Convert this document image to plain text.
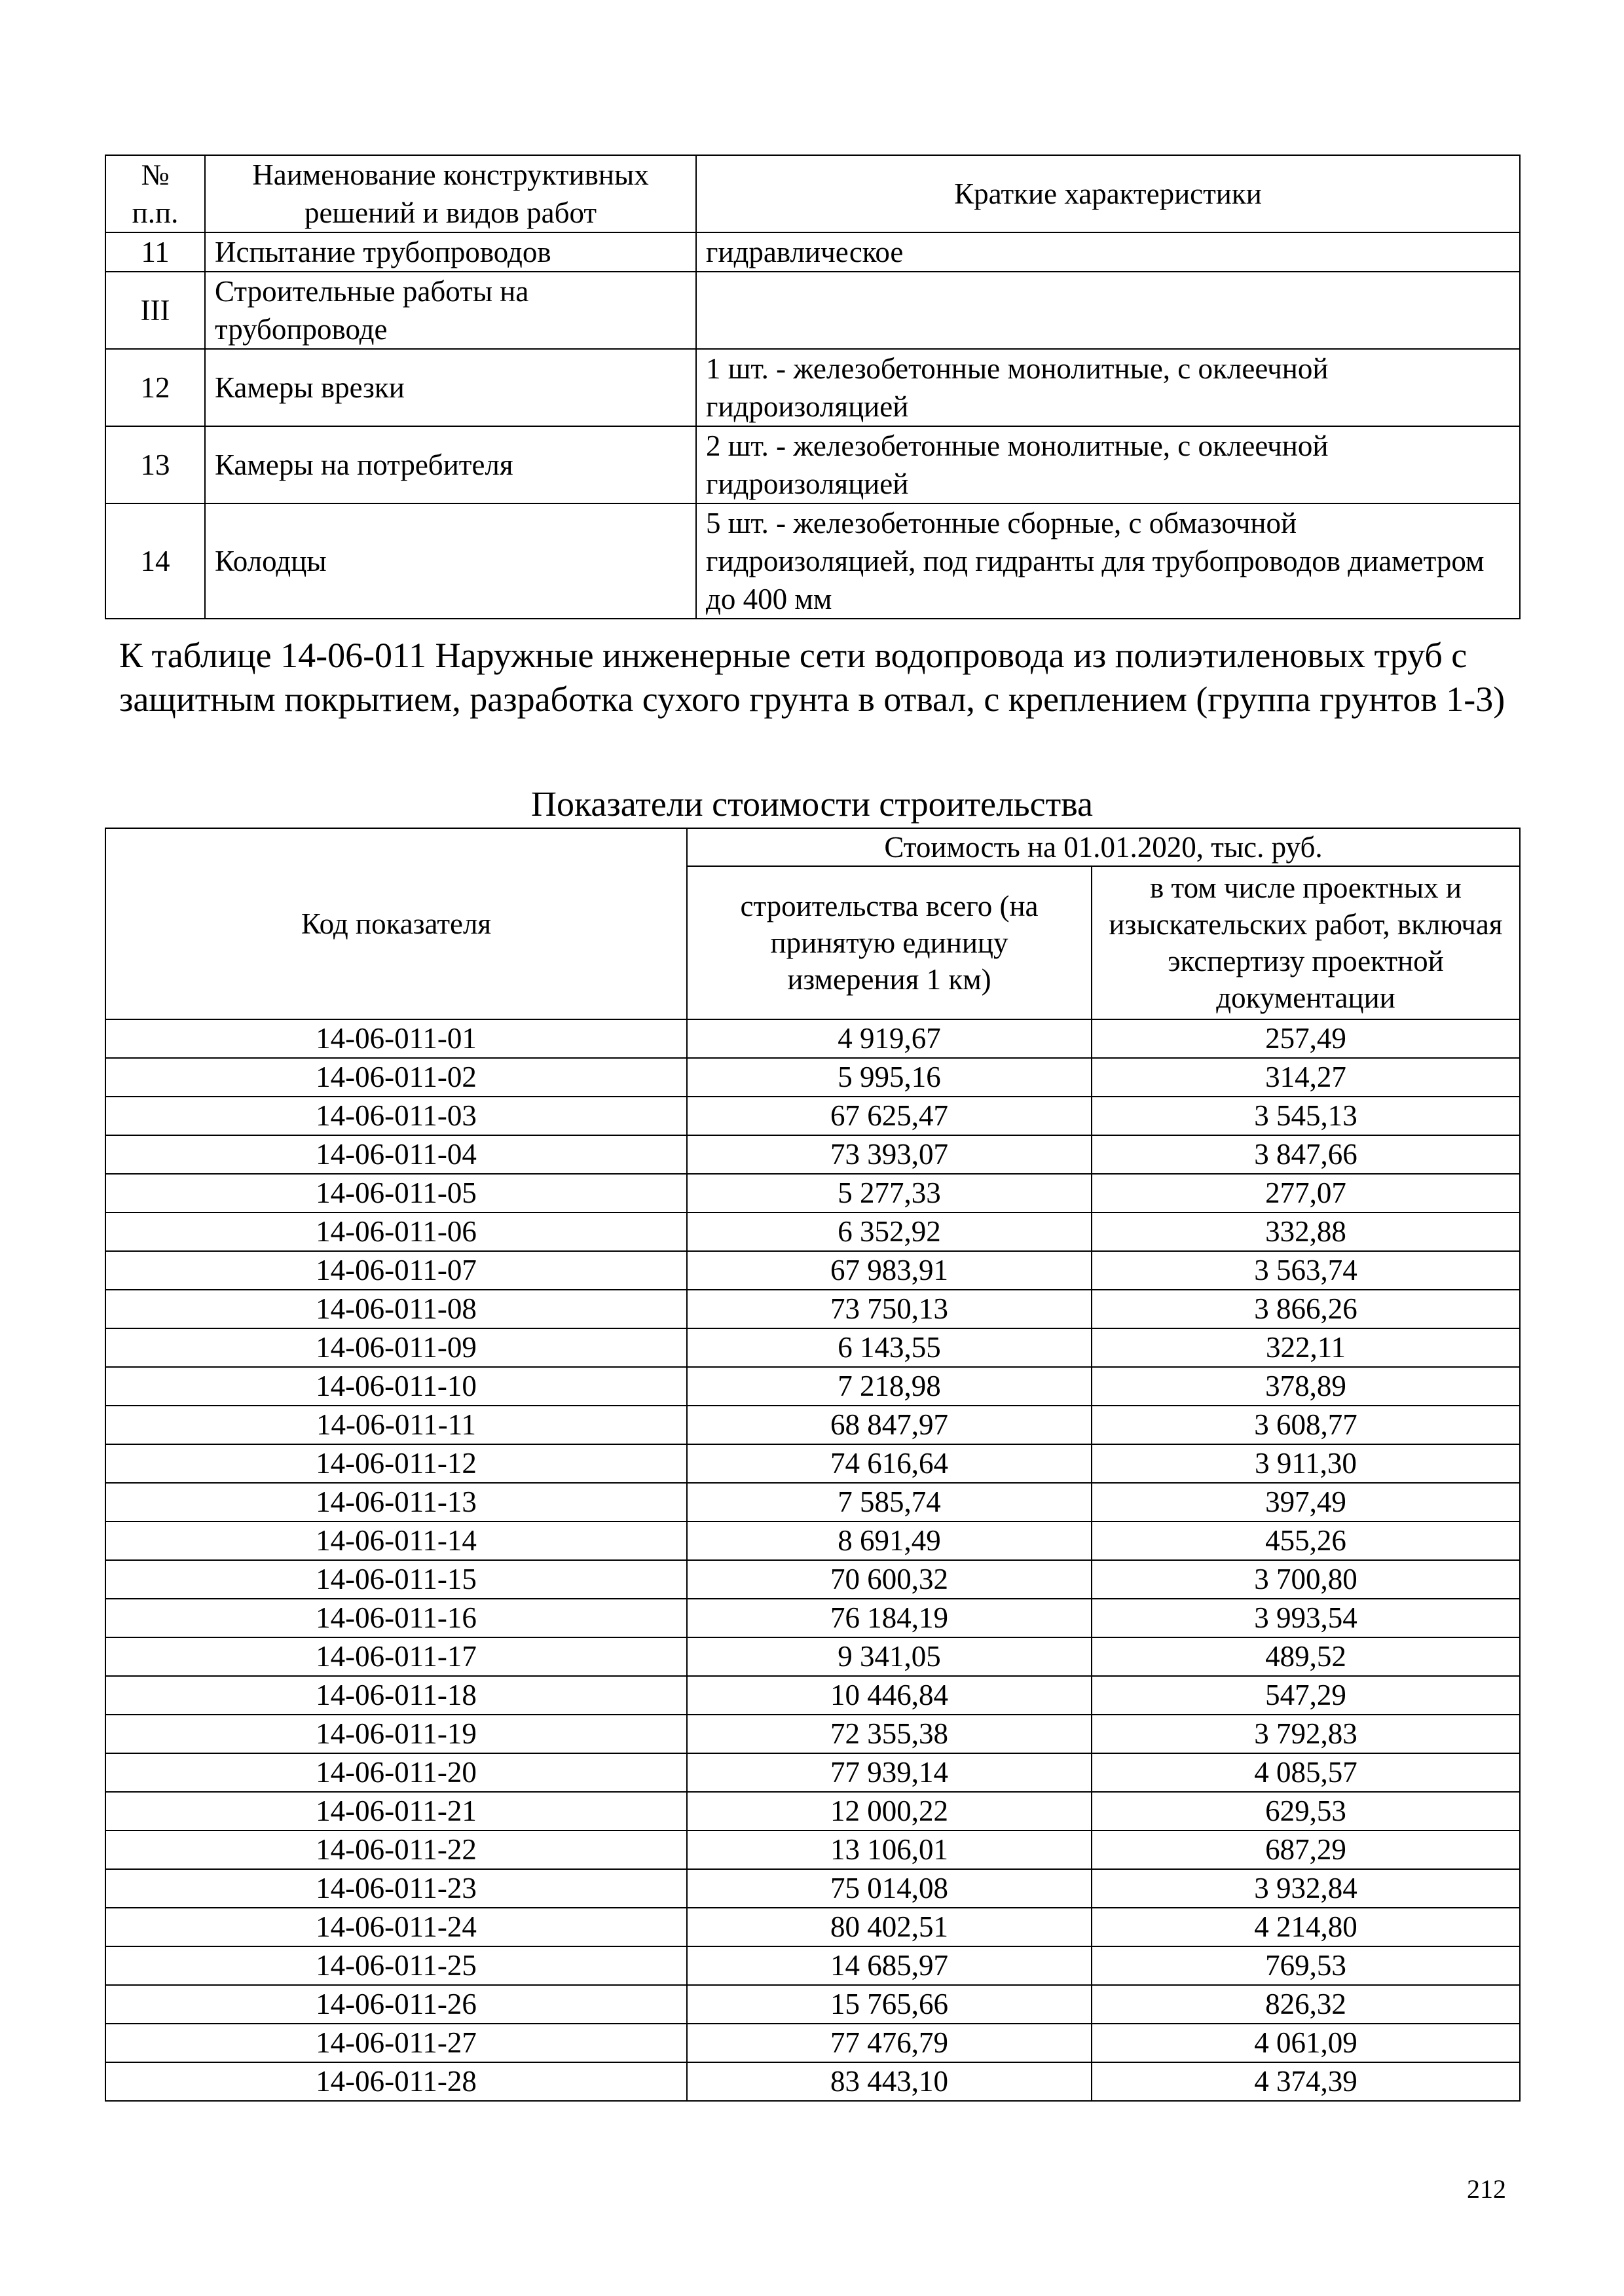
№ п.п.	Наименование конструктивных решений и видов работ	Краткие характеристики
11	Испытание трубопроводов	гидравлическое
III	Строительные работы на трубопроводе	
12	Камеры врезки	1 шт. - железобетонные монолитные, с оклеечной гидроизоляцией
13	Камеры на потребителя	2 шт. - железобетонные монолитные, с оклеечной гидроизоляцией
14	Колодцы	5 шт. - железобетонные сборные, с обмазочной гидроизоляцией, под гидранты для трубопроводов диаметром до 400 мм

К таблице 14-06-011 Наружные инженерные сети водопровода из полиэтиленовых труб с защитным покрытием, разработка сухого грунта в отвал, с креплением (группа грунтов 1-3)

Показатели стоимости строительства

Код показателя	Стоимость на 01.01.2020, тыс. руб.	
	строительства всего (на принятую единицу измерения 1 км)	в том числе проектных и изыскательских работ, включая экспертизу проектной документации
14-06-011-01	4 919,67	257,49
14-06-011-02	5 995,16	314,27
14-06-011-03	67 625,47	3 545,13
14-06-011-04	73 393,07	3 847,66
14-06-011-05	5 277,33	277,07
14-06-011-06	6 352,92	332,88
14-06-011-07	67 983,91	3 563,74
14-06-011-08	73 750,13	3 866,26
14-06-011-09	6 143,55	322,11
14-06-011-10	7 218,98	378,89
14-06-011-11	68 847,97	3 608,77
14-06-011-12	74 616,64	3 911,30
14-06-011-13	7 585,74	397,49
14-06-011-14	8 691,49	455,26
14-06-011-15	70 600,32	3 700,80
14-06-011-16	76 184,19	3 993,54
14-06-011-17	9 341,05	489,52
14-06-011-18	10 446,84	547,29
14-06-011-19	72 355,38	3 792,83
14-06-011-20	77 939,14	4 085,57
14-06-011-21	12 000,22	629,53
14-06-011-22	13 106,01	687,29
14-06-011-23	75 014,08	3 932,84
14-06-011-24	80 402,51	4 214,80
14-06-011-25	14 685,97	769,53
14-06-011-26	15 765,66	826,32
14-06-011-27	77 476,79	4 061,09
14-06-011-28	83 443,10	4 374,39
212
